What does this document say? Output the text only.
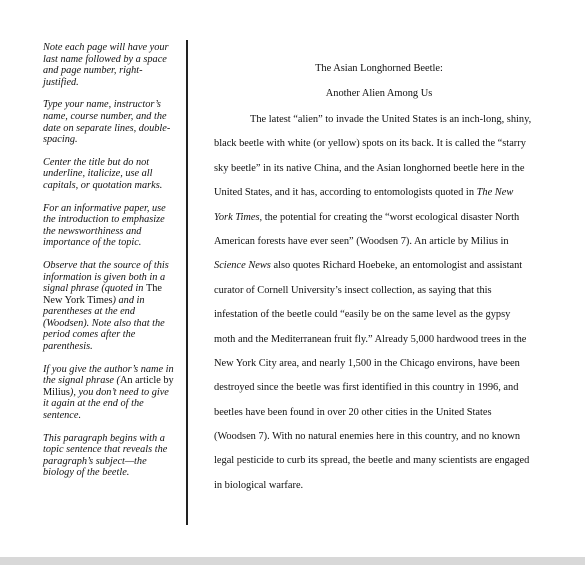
Note each page will have your last name followed by a space and page number, right-justified.

Type your name, instructor’s name, course number, and the date on separate lines, double-spacing.

Center the title but do not underline, italicize, use all capitals, or quotation marks.

For an informative paper, use the introduction to emphasize the newsworthiness and importance of the topic.

Observe that the source of this information is given both in a signal phrase (quoted in The New York Times) and in parentheses at the end (Woodsen). Note also that the period comes after the parenthesis.

If you give the author’s name in the signal phrase (An article by Milius), you don’t need to give it again at the end of the sentence.

This paragraph begins with a topic sentence that reveals the paragraph’s subject—the biology of the beetle.

The Asian Longhorned Beetle:

Another Alien Among Us

The latest “alien” to invade the United States is an inch-long, shiny,
black beetle with white (or yellow) spots on its back. It is called the “starry
sky beetle” in its native China, and the Asian longhorned beetle here in the
United States, and it has, according to entomologists quoted in The New
York Times, the potential for creating the “worst ecological disaster North
American forests have ever seen” (Woodsen 7). An article by Milius in
Science News also quotes Richard Hoebeke, an entomologist and assistant
curator of Cornell University’s insect collection, as saying that this
infestation of the beetle could “easily be on the same level as the gypsy
moth and the Mediterranean fruit fly.” Already 5,000 hardwood trees in the
New York City area, and nearly 1,500 in the Chicago environs, have been
destroyed since the beetle was first identified in this country in 1996, and
beetles have been found in over 20 other cities in the United States
(Woodsen 7). With no natural enemies here in this country, and no known
legal pesticide to curb its spread, the beetle and many scientists are engaged
in biological warfare.
